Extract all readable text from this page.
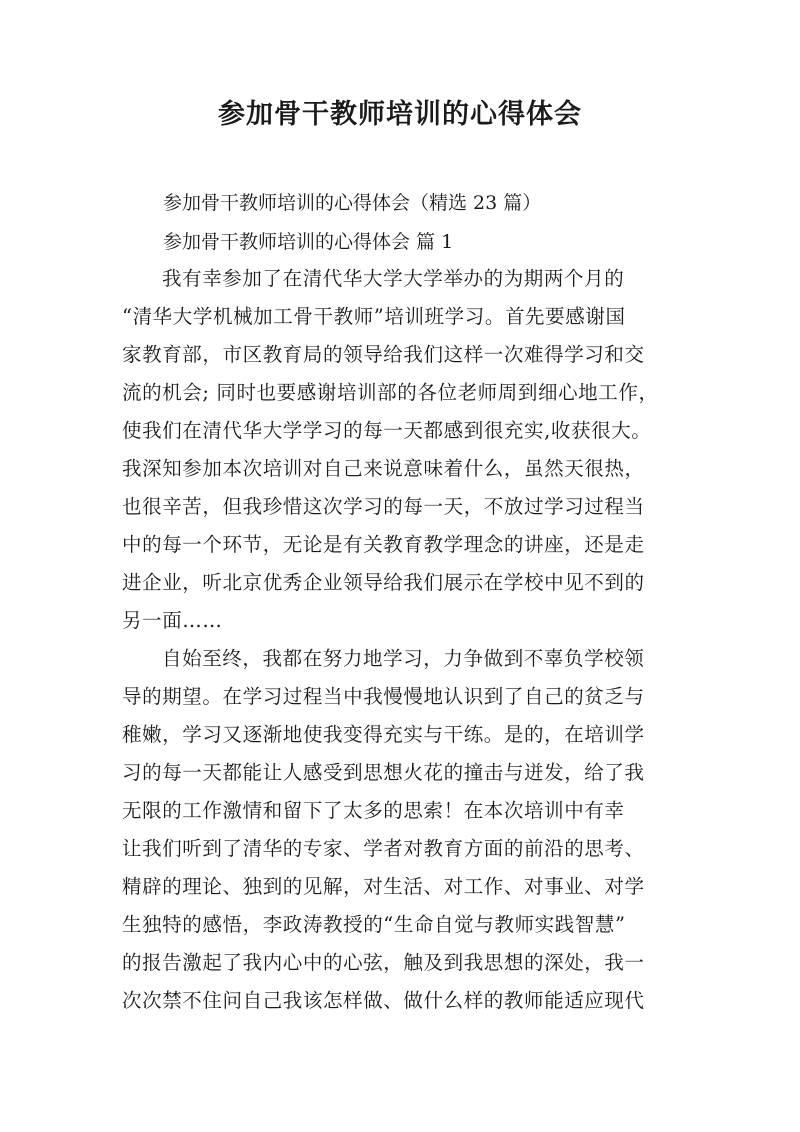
参加骨干教师培训的心得体会

参加骨干教师培训的心得体会（精选 23 篇）

参加骨干教师培训的心得体会 篇 1

我有幸参加了在清代华大学大学举办的为期两个月的

“清华大学机械加工骨干教师”培训班学习。首先要感谢国

家教育部，市区教育局的领导给我们这样一次难得学习和交

流的机会; 同时也要感谢培训部的各位老师周到细心地工作，

使我们在清代华大学学习的每一天都感到很充实,收获很大。

我深知参加本次培训对自己来说意味着什么，虽然天很热，

也很辛苦，但我珍惜这次学习的每一天，不放过学习过程当

中的每一个环节，无论是有关教育教学理念的讲座，还是走

进企业，听北京优秀企业领导给我们展示在学校中见不到的

另一面……

自始至终，我都在努力地学习，力争做到不辜负学校领

导的期望。在学习过程当中我慢慢地认识到了自己的贫乏与

稚嫩，学习又逐渐地使我变得充实与干练。是的，在培训学

习的每一天都能让人感受到思想火花的撞击与迸发，给了我

无限的工作激情和留下了太多的思索！在本次培训中有幸

让我们听到了清华的专家、学者对教育方面的前沿的思考、

精辟的理论、独到的见解，对生活、对工作、对事业、对学

生独特的感悟，李政涛教授的“生命自觉与教师实践智慧”

的报告激起了我内心中的心弦，触及到我思想的深处，我一

次次禁不住问自己我该怎样做、做什么样的教师能适应现代
